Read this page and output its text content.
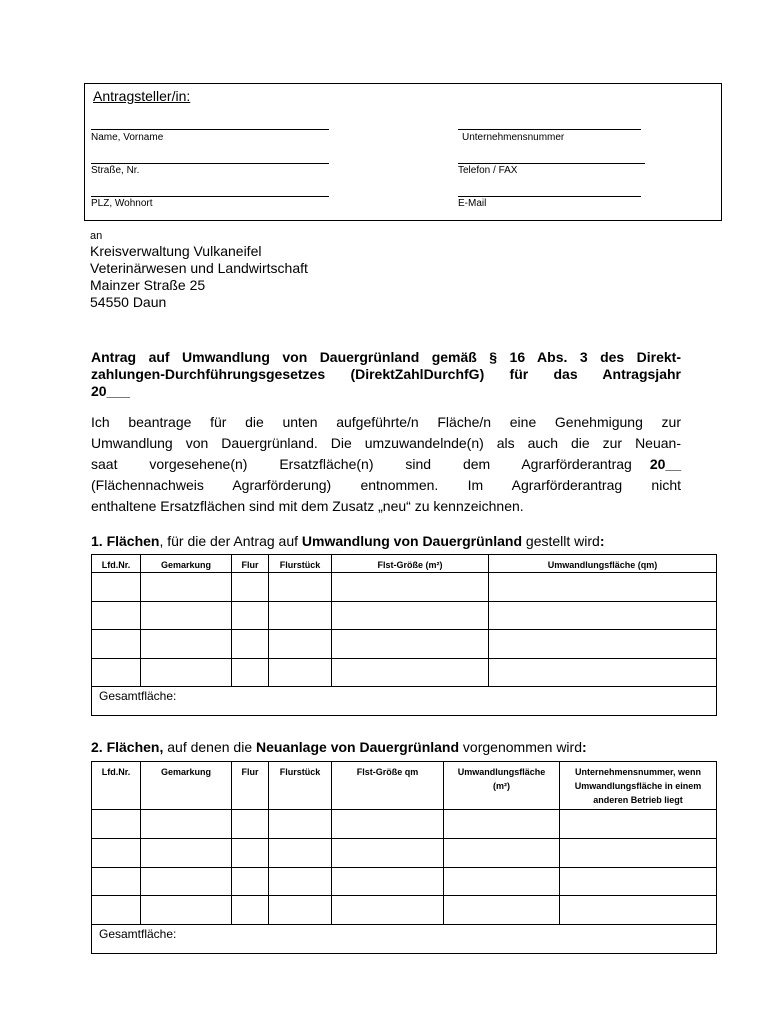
Antragsteller/in:
Name, Vorname	Unternehmensnummer
Straße, Nr.	Telefon / FAX
PLZ, Wohnort	E-Mail
an
Kreisverwaltung Vulkaneifel
Veterinärwesen und Landwirtschaft
Mainzer Straße 25
54550 Daun
Antrag auf Umwandlung von Dauergrünland gemäß § 16 Abs. 3 des Direkt-
zahlungen-Durchführungsgesetzes (DirektZahlDurchfG) für das Antragsjahr
20___
Ich beantrage für die unten aufgeführte/n Fläche/n eine Genehmigung zur
Umwandlung von Dauergrünland. Die umzuwandelnde(n) als auch die zur Neuan-
saat vorgesehene(n) Ersatzfläche(n) sind dem Agrarförderantrag	20__
(Flächennachweis Agrarförderung) entnommen. Im Agrarförderantrag nicht
enthaltene Ersatzflächen sind mit dem Zusatz „neu“ zu kennzeichnen.
1. Flächen, für die der Antrag auf Umwandlung von Dauergrünland gestellt wird:
Lfd.Nr.	Gemarkung	Flur	Flurstück	Flst-Größe (m²)	Umwandlungsfläche (qm)

Gesamtfläche:					
2. Flächen, auf denen die Neuanlage von Dauergrünland vorgenommen wird:
Lfd.Nr.	Gemarkung	Flur	Flurstück	Flst-Größe qm	Umwandlungsfläche (m²)	Unternehmensnummer, wenn Umwandlungsfläche in einem anderen Betrieb liegt

Gesamtfläche:						
